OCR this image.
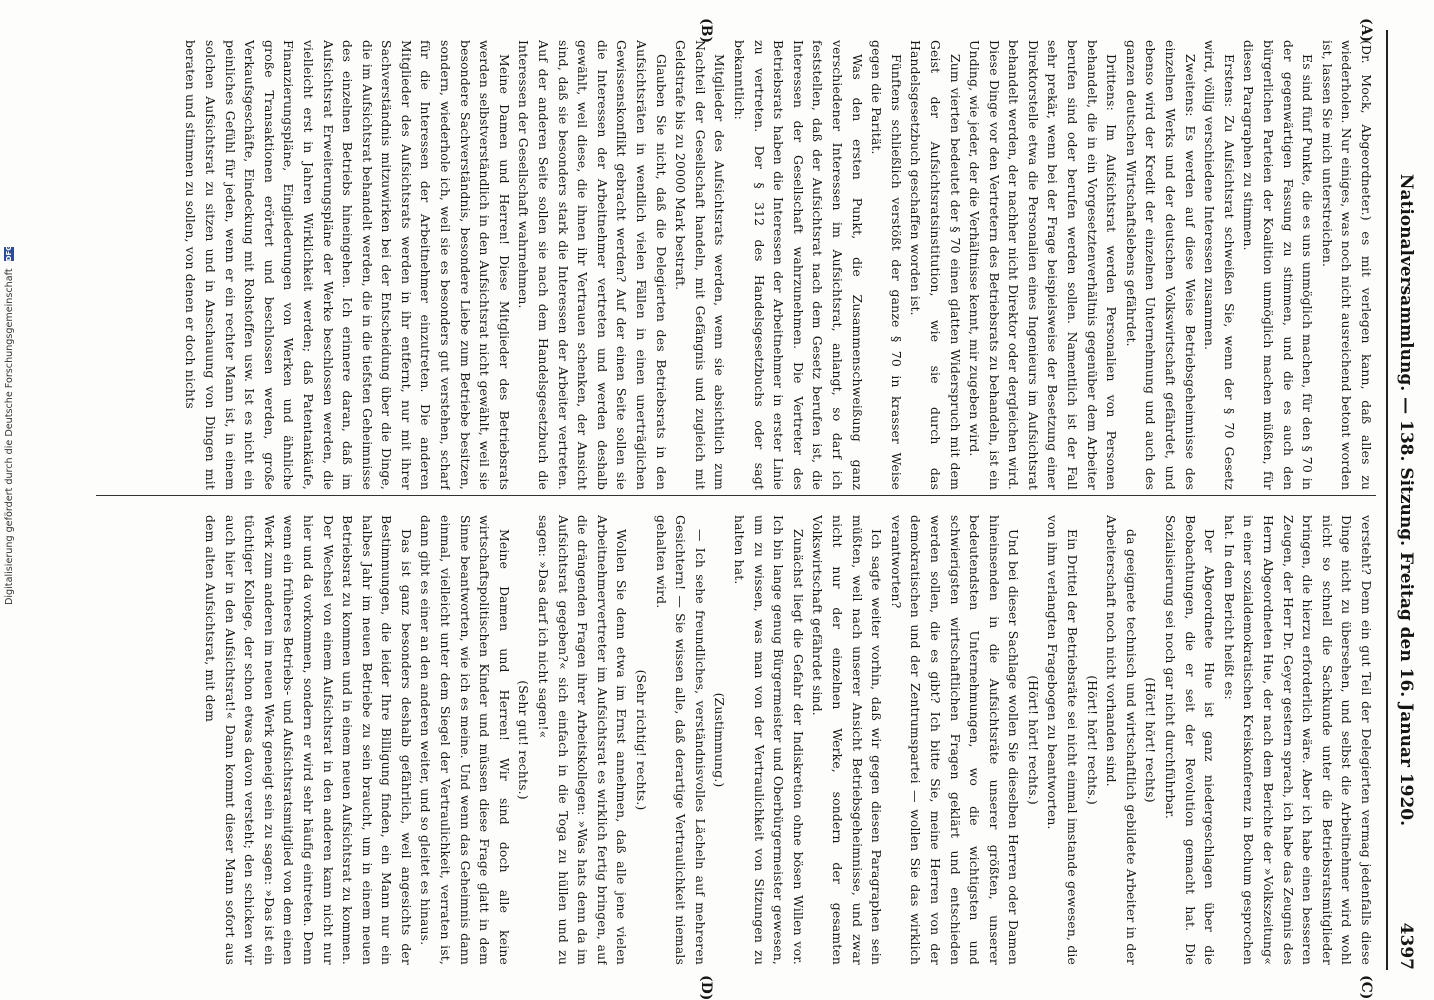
Nationalversammlung. — 138. Sitzung. Freitag den 16. Januar 1920.
4397
(A)
(B)
(C)
(D)

(Dr. Mock, Abgeordneter.) es mit verlegen kann, daß alles zu wiederholen. Nur einiges, was noch nicht ausreichend betont worden ist, lassen Sie mich unterstreichen.

Es sind fünf Punkte, die es uns unmöglich machen, für den § 70 in der gegenwärtigen Fassung zu stimmen, und die es auch den bürgerlichen Parteien der Koalition unmöglich machen müßten, für diesen Paragraphen zu stimmen.

Erstens: Zu Aufsichtsrat schweißen Sie, wenn der § 70 Gesetz wird, völlig verschiedene Interessen zusammen.

Zweitens: Es werden auf diese Weise Betriebsgeheimnisse des einzelnen Werks und der deutschen Volkswirtschaft gefährdet, und ebenso wird der Kredit der einzelnen Unternehmung und auch des ganzen deutschen Wirtschaftslebens gefährdet.

Drittens: Im Aufsichtsrat werden Personalien von Personen behandelt, die in ein Vorgesetztenverhältnis gegenüber dem Arbeiter berufen sind oder berufen werden sollen. Namentlich ist der Fall sehr prekär, wenn bei der Frage beispielsweise der Besetzung einer Direktorstelle etwa die Personalien eines Ingenieurs im Aufsichtsrat behandelt werden, der nachher nicht Direktor oder dergleichen wird. Diese Dinge vor den Vertretern des Betriebsrats zu behandeln, ist ein Unding, wie jeder, der die Verhältnisse kennt, mir zugeben wird.

Zum vierten bedeutet der § 70 einen glatten Widerspruch mit dem Geist der Aufsichtsratsinstitution, wie sie durch das Handelsgesetzbuch geschaffen worden ist.

Fünftens schließlich verstößt der ganze § 70 in krasser Weise gegen die Parität.

Was den ersten Punkt, die Zusammenschweißung ganz verschiedener Interessen im Aufsichtsrat, anlangt, so darf ich feststellen, daß der Aufsichtsrat nach dem Gesetz berufen ist, die Interessen der Gesellschaft wahrzunehmen. Die Vertreter des Betriebsrats haben die Interessen der Arbeitnehmer in erster Linie zu vertreten. Der § 312 des Handelsgesetzbuchs oder sagt bekanntlich:

Mitglieder des Aufsichtsrats werden, wenn sie absichtlich zum Nachteil der Gesellschaft handeln, mit Gefängnis und zugleich mit Geldstrafe bis zu 20000 Mark bestraft.

Glauben Sie nicht, daß die Delegierten des Betriebsrats in den Aufsichtsräten in wendlich vielen Fällen in einen unerträglichen Gewissenskonflikt gebracht werden? Auf der einen Seite sollen sie die Interessen der Arbeitnehmer vertreten und werden deshalb gewählt, weil diese, die ihnen ihr Vertrauen schenken, der Ansicht sind, daß sie besonders stark die Interessen der Arbeiter vertreten. Auf der anderen Seite sollen sie nach dem Handelsgesetzbuch die Interessen der Gesellschaft wahrnehmen.

Meine Damen und Herren! Diese Mitglieder des Betriebsrats werden selbstverständlich in den Aufsichtsrat nicht gewählt, weil sie besondere Sachverständnis, besondere Liebe zum Betriebe besitzen, sondern, wiederhole ich, weil sie es besonders gut verstehen, scharf für die Interessen der Arbeitnehmer einzutreten. Die anderen Mitglieder des Aufsichtsrats werden in ihr entfernt, nur mit ihrer Sachverständnis mitzuwirken bei der Entscheidung über die Dinge, die im Aufsichtsrat behandelt werden, die in die tiefsten Geheimnisse des einzelnen Betriebs hineingehen. Ich erinnere daran, daß im Aufsichtsrat Erweiterungspläne der Werke beschlossen werden, die vielleicht erst in Jahren Wirklichkeit werden; daß Patentankäufe, Finanzierungspläne, Eingliederungen von Werken und ähnliche große Transaktionen erörtert und beschlossen werden, große Verkaufsgeschäfte, Eindeckung mit Rohstoffen usw. Ist es nicht ein peinliches Gefühl für jeden, wenn er ein rechter Mann ist, in einem solchen Aufsichtsrat zu sitzen und in Anschauung von Dingen mit beraten und stimmen zu sollen, von denen er doch nichts

versteht? Denn ein gut Teil der Delegierten vermag jedenfalls diese Dinge nicht zu übersehen, und selbst die Arbeitnehmer wird wohl nicht so schnell die Sachkunde unter die Betriebsratsmitglieder bringen, die hierzu erforderlich wäre. Aber ich habe einen besseren Zeugen, der Herr Dr. Geyer gestern sprach, ich habe das Zeugnis des Herrn Abgeordneten Hue, der nach dem Berichte der »Volkszeitung« in einer sozialdemokratischen Kreiskonferenz in Bochum gesprochen hat. In dem Bericht heißt es:

Der Abgeordnete Hue ist ganz niedergeschlagen über die Beobachtungen, die er seit der Revolution gemacht hat. Die Sozialisierung sei noch gar nicht durchführbar.

(Hört! hört! rechts)

da geeignete technisch und wirtschaftlich gebildete Arbeiter in der Arbeiterschaft noch nicht vorhanden sind.

(Hört! hört! rechts.)

Ein Drittel der Betriebsräte sei nicht einmal imstande gewesen, die von ihm verlangten Fragebogen zu beantworten.

(Hört! hört! rechts.)

Und bei dieser Sachlage wollen Sie dieselben Herren oder Damen hineinsenden in die Aufsichtsräte unserer größten, unserer bedeutendsten Unternehmungen, wo die wichtigsten und schwierigsten wirtschaftlichen Fragen geklärt und entschieden werden sollen, die es gibt? Ich bitte Sie, meine Herren von der demokratischen und der Zentrumspartei — wollen Sie das wirklich verantworten?

Ich sagte weiter vorhin, daß wir gegen diesen Paragraphen sein müßten, weil nach unserer Ansicht Betriebsgeheimnisse, und zwar nicht nur der einzelnen Werke, sondern der gesamten Volkswirtschaft gefährdet sind.

Zunächst liegt die Gefahr der Indiskretion ohne bösen Willen vor. Ich bin lange genug Bürgermeister und Oberbürgermeister gewesen, um zu wissen, was man von der Vertraulichkeit von Sitzungen zu halten hat.

(Zustimmung.)

— Ich sehe freundliches, verständnisvolles Lächeln auf mehreren Gesichtern! — Sie wissen alle, daß derartige Vertraulichkeit niemals gehalten wird.

(Sehr richtig! rechts.)

Wollen Sie denn etwa im Ernst annehmen, daß alle jene vielen Arbeitnehmervertreter im Aufsichtsrat es wirklich fertig bringen, auf die drängenden Fragen ihrer Arbeitskollegen: »Was hats denn da im Aufsichtsrat gegeben?« sich einfach in die Toga zu hüllen und zu sagen: »Das darf ich nicht sagen!«

(Sehr gut! rechts.)

Meine Damen und Herren! Wir sind doch alle keine wirtschaftspolitischen Kinder und müssen diese Frage glatt in dem Sinne beantworten, wie ich es meine. Und wenn das Geheimnis dann einmal, vielleicht unter dem Siegel der Vertraulichkeit, verraten ist, dann gibt es einer an den anderen weiter, und so gleitet es hinaus.

Das ist ganz besonders deshalb gefährlich, weil angesichts der Bestimmungen, die leider Ihre Billigung finden, ein Mann nur ein halbes Jahr im neuen Betriebe zu sein braucht, um in einem neuen Betriebsrat zu kommen und in einem neuen Aufsichtsrat zu kommen. Der Wechsel von einem Aufsichtsrat in den anderen kann nicht nur hier und da vorkommen, sondern er wird sehr häufig eintreten. Denn wenn ein früheres Betriebs- und Aufsichtsratsmitglied von dem einen Werk zum anderen im neuen Werk geneigt sein zu sagen: »Das ist ein tüchtiger Kollege, der schon etwas davon versteht; den schicken wir auch hier in den Aufsichtsrat!« Dann kommt dieser Mann sofort aus dem alten Aufsichtsrat, mit dem

Digitalisierung gefördert durch die Deutsche Forschungsgemeinschaft DFG
